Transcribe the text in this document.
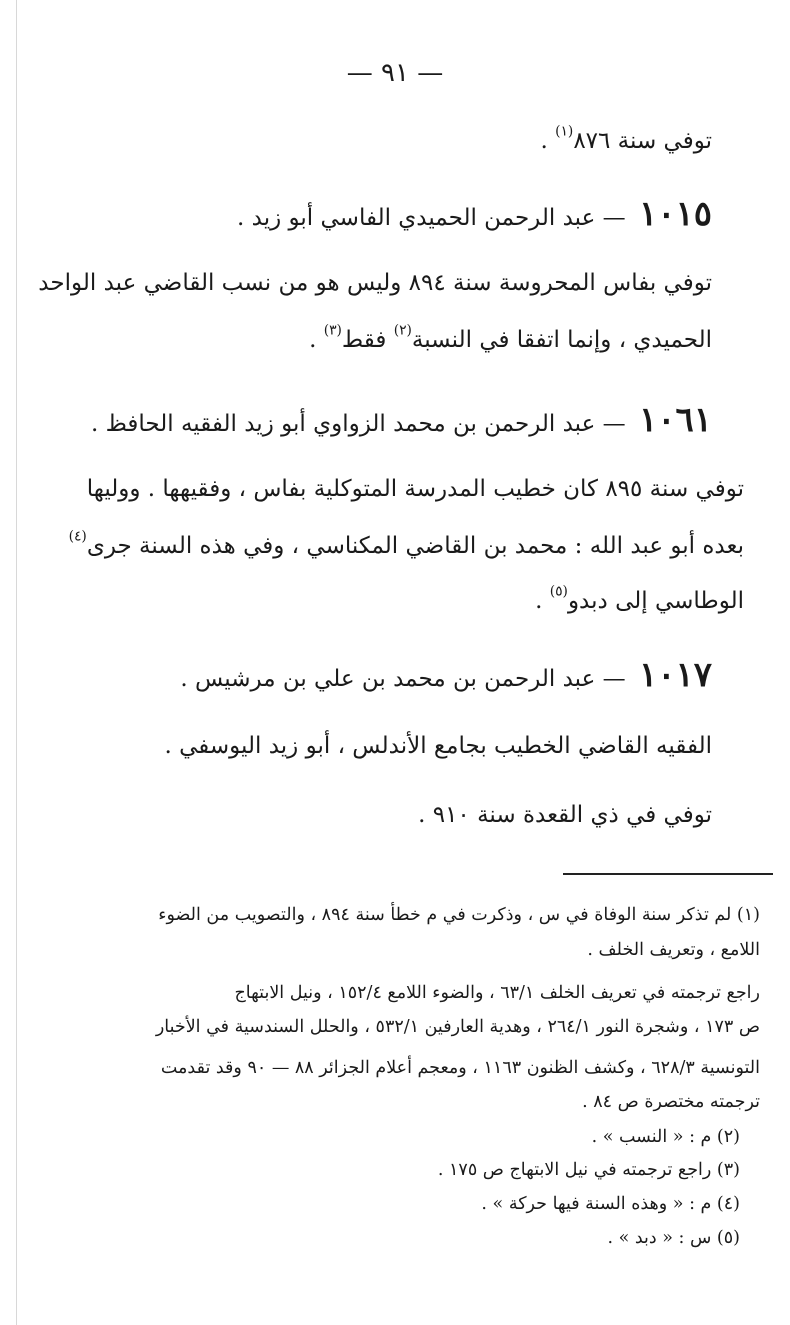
— ٩١ —
توفي سنة ٨٧٦$^{(١)}$ .
١٠١٥ — عبد الرحمن الحميدي الفاسي أبو زيد .
توفي بفاس المحروسة سنة ٨٩٤ وليس هو من نسب القاضي عبد الواحد
الحميدي ، وإنما اتفقا في النسبة$^{(٢)}$ فقط$^{(٣)}$ .
١٠٦١ — عبد الرحمن بن محمد الزواوي أبو زيد الفقيه الحافظ .
توفي سنة ٨٩٥ كان خطيب المدرسة المتوكلية بفاس ، وفقيهها . ووليها
بعده أبو عبد الله : محمد بن القاضي المكناسي ، وفي هذه السنة جرى$^{(٤)}$
الوطاسي إلى دبدو$^{(٥)}$ .
١٠١٧ — عبد الرحمن بن محمد بن علي بن مرشيس .
الفقيه القاضي الخطيب بجامع الأندلس ، أبو زيد اليوسفي .
توفي في ذي القعدة سنة ٩١٠ .
(١) لم تذكر سنة الوفاة في س ، وذكرت في م خطأ سنة ٨٩٤ ، والتصويب من الضوء
اللامع ، وتعريف الخلف .
راجع ترجمته في تعريف الخلف ٦٣/١ ، والضوء اللامع ١٥٢/٤ ، ونيل الابتهاج
ص ١٧٣ ، وشجرة النور ٢٦٤/١ ، وهدية العارفين ٥٣٢/١ ، والحلل السندسية في الأخبار
التونسية ٦٢٨/٣ ، وكشف الظنون ١١٦٣ ، ومعجم أعلام الجزائر ٨٨ — ٩٠ وقد تقدمت
ترجمته مختصرة ص ٨٤ .
(٢) م : « النسب » .
(٣) راجع ترجمته في نيل الابتهاج ص ١٧٥ .
(٤) م : « وهذه السنة فيها حركة » .
(٥) س : « دبد » .
